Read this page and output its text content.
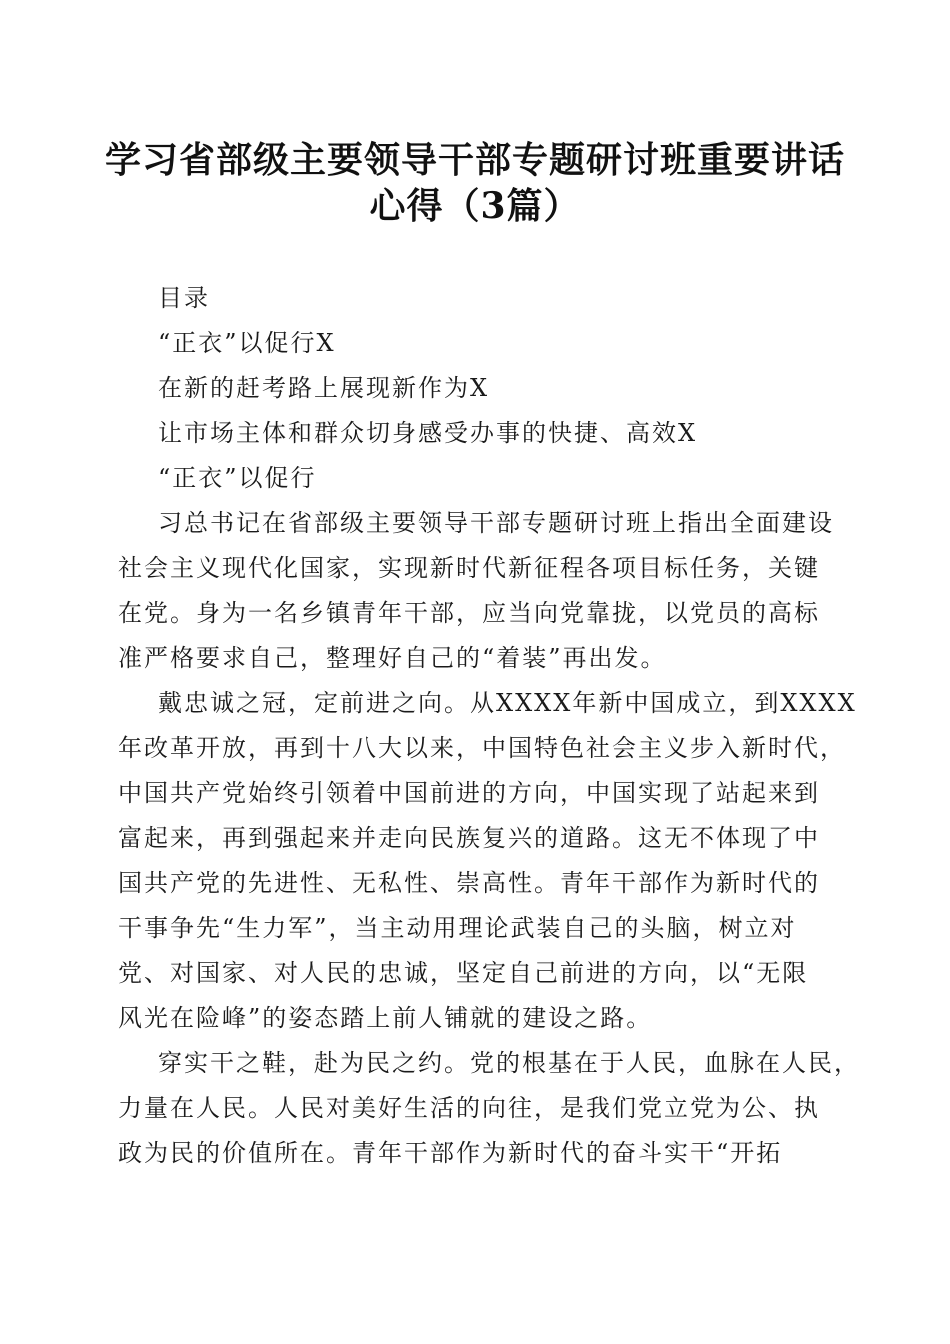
学习省部级主要领导干部专题研讨班重要讲话
心得（3篇）
目录
“正衣”以促行X
在新的赶考路上展现新作为X
让市场主体和群众切身感受办事的快捷、高效X
“正衣”以促行
习总书记在省部级主要领导干部专题研讨班上指出全面建设
社会主义现代化国家，实现新时代新征程各项目标任务，关键
在党。身为一名乡镇青年干部，应当向党靠拢，以党员的高标
准严格要求自己，整理好自己的“着装”再出发。
戴忠诚之冠，定前进之向。从XXXX年新中国成立，到XXXX
年改革开放，再到十八大以来，中国特色社会主义步入新时代，
中国共产党始终引领着中国前进的方向，中国实现了站起来到
富起来，再到强起来并走向民族复兴的道路。这无不体现了中
国共产党的先进性、无私性、崇高性。青年干部作为新时代的
干事争先“生力军”，当主动用理论武装自己的头脑，树立对
党、对国家、对人民的忠诚，坚定自己前进的方向，以“无限
风光在险峰”的姿态踏上前人铺就的建设之路。
穿实干之鞋，赴为民之约。党的根基在于人民，血脉在人民，
力量在人民。人民对美好生活的向往，是我们党立党为公、执
政为民的价值所在。青年干部作为新时代的奋斗实干“开拓
